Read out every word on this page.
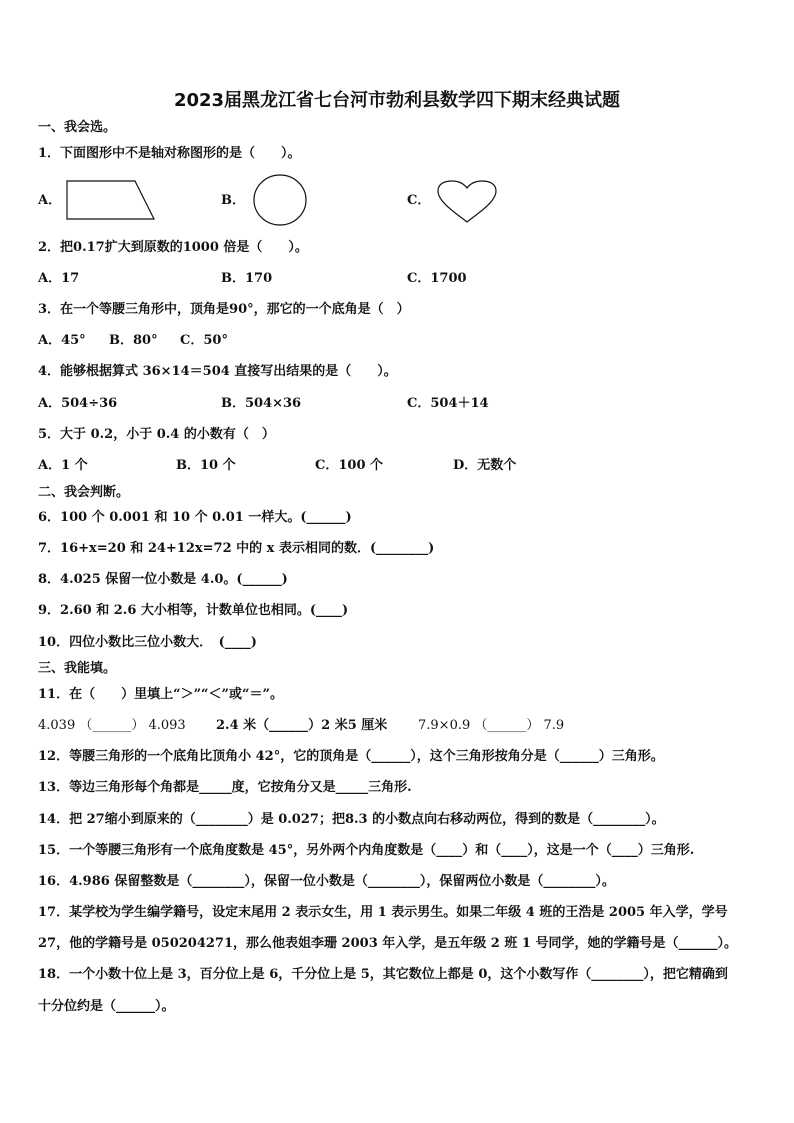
2023届黑龙江省七台河市勃利县数学四下期末经典试题
一、我会选。
1．下面图形中不是轴对称图形的是（　　）。
A．	B．	C．
2．把0.17扩大到原数的1000 倍是（　　）。
A．17	B．170	C．1700
3．在一个等腰三角形中，顶角是90°，那它的一个底角是（　）
A．45° B．80° C．50°
4．能够根据算式 36×14＝504 直接写出结果的是（　　）。
A．504÷36	B．504×36	C．504＋14
5．大于 0.2，小于 0.4 的小数有（　）
A．1 个	B．10 个	C．100 个	D．无数个
二、我会判断。
6．100 个 0.001 和 10 个 0.01 一样大。(______)
7．16+x=20 和 24+12x=72 中的 x 表示相同的数．(________)
8．4.025 保留一位小数是 4.0。(______)
9．2.60 和 2.6 大小相等，计数单位也相同。(____)
10．四位小数比三位小数大．　(____)
三、我能填。
11．在（　　）里填上“＞”“＜”或“＝”。
4.039 （______） 4.093 2.4 米（______）2 米5 厘米 7.9×0.9 （______） 7.9
12．等腰三角形的一个底角比顶角小 42°，它的顶角是（______），这个三角形按角分是（______）三角形。
13．等边三角形每个角都是_____度，它按角分又是_____三角形.
14．把 27缩小到原来的（________）是 0.027；把8.3 的小数点向右移动两位，得到的数是（________）。
15．一个等腰三角形有一个底角度数是 45°，另外两个内角度数是（____）和（____），这是一个（____）三角形.
16．4.986 保留整数是（________），保留一位小数是（________），保留两位小数是（________）。
17．某学校为学生编学籍号，设定末尾用 2 表示女生，用 1 表示男生。如果二年级 4 班的王浩是 2005 年入学，学号
27，他的学籍号是 050204271，那么他表姐李珊 2003 年入学，是五年级 2 班 1 号同学，她的学籍号是（______）。
18．一个小数十位上是 3，百分位上是 6，千分位上是 5，其它数位上都是 0，这个小数写作（________），把它精确到
十分位约是（______）。
